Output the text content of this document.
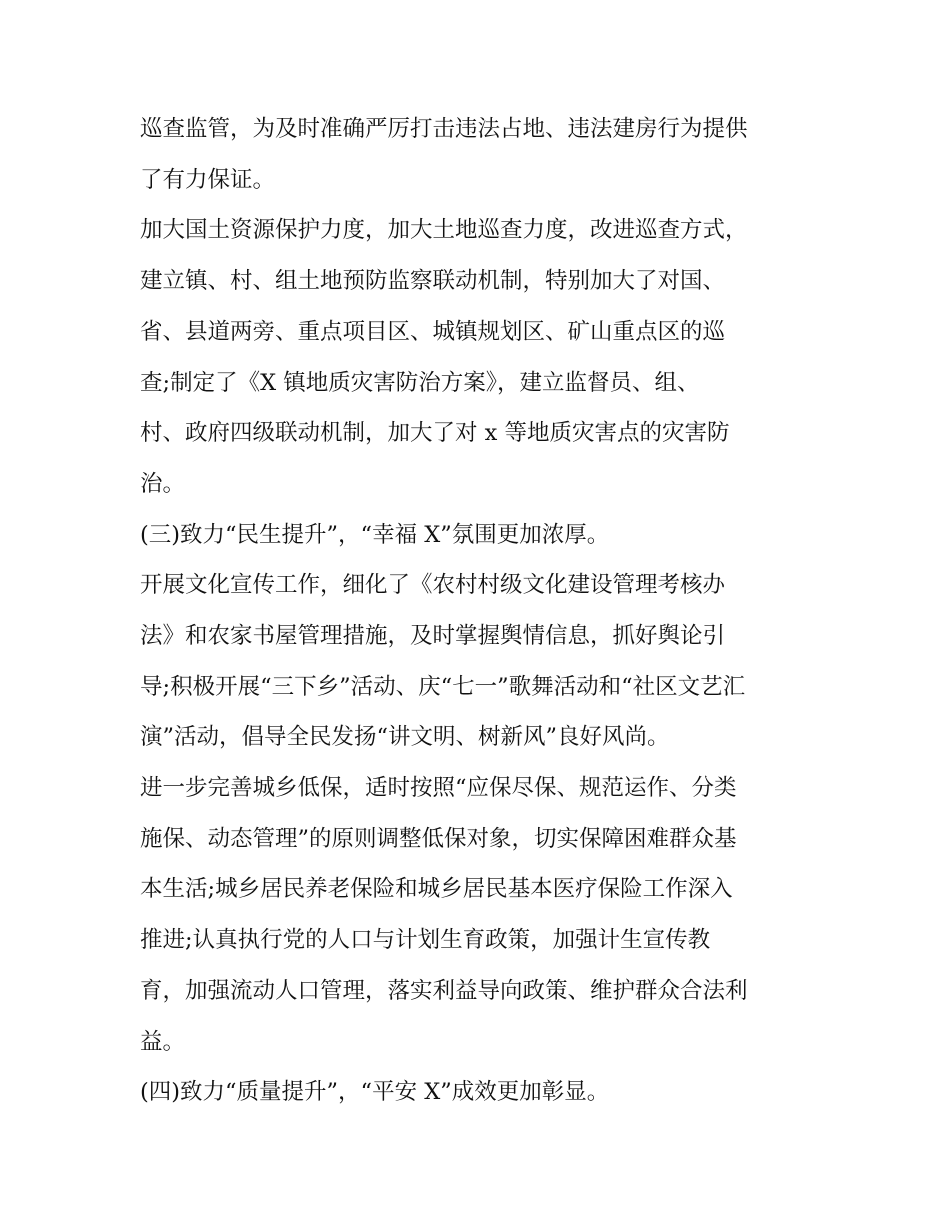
巡查监管，为及时准确严厉打击违法占地、违法建房行为提供

了有力保证。

加大国土资源保护力度，加大土地巡查力度，改进巡查方式，

建立镇、村、组土地预防监察联动机制，特别加大了对国、

省、县道两旁、重点项目区、城镇规划区、矿山重点区的巡

查;制定了《X 镇地质灾害防治方案》，建立监督员、组、

村、政府四级联动机制，加大了对 x 等地质灾害点的灾害防

治。

(三)致力“民生提升”，“幸福 X”氛围更加浓厚。

开展文化宣传工作，细化了《农村村级文化建设管理考核办

法》和农家书屋管理措施，及时掌握舆情信息，抓好舆论引

导;积极开展“三下乡”活动、庆“七一”歌舞活动和“社区文艺汇

演”活动，倡导全民发扬“讲文明、树新风”良好风尚。

进一步完善城乡低保，适时按照“应保尽保、规范运作、分类

施保、动态管理”的原则调整低保对象，切实保障困难群众基

本生活;城乡居民养老保险和城乡居民基本医疗保险工作深入

推进;认真执行党的人口与计划生育政策，加强计生宣传教

育，加强流动人口管理，落实利益导向政策、维护群众合法利

益。

(四)致力“质量提升”，“平安 X”成效更加彰显。
